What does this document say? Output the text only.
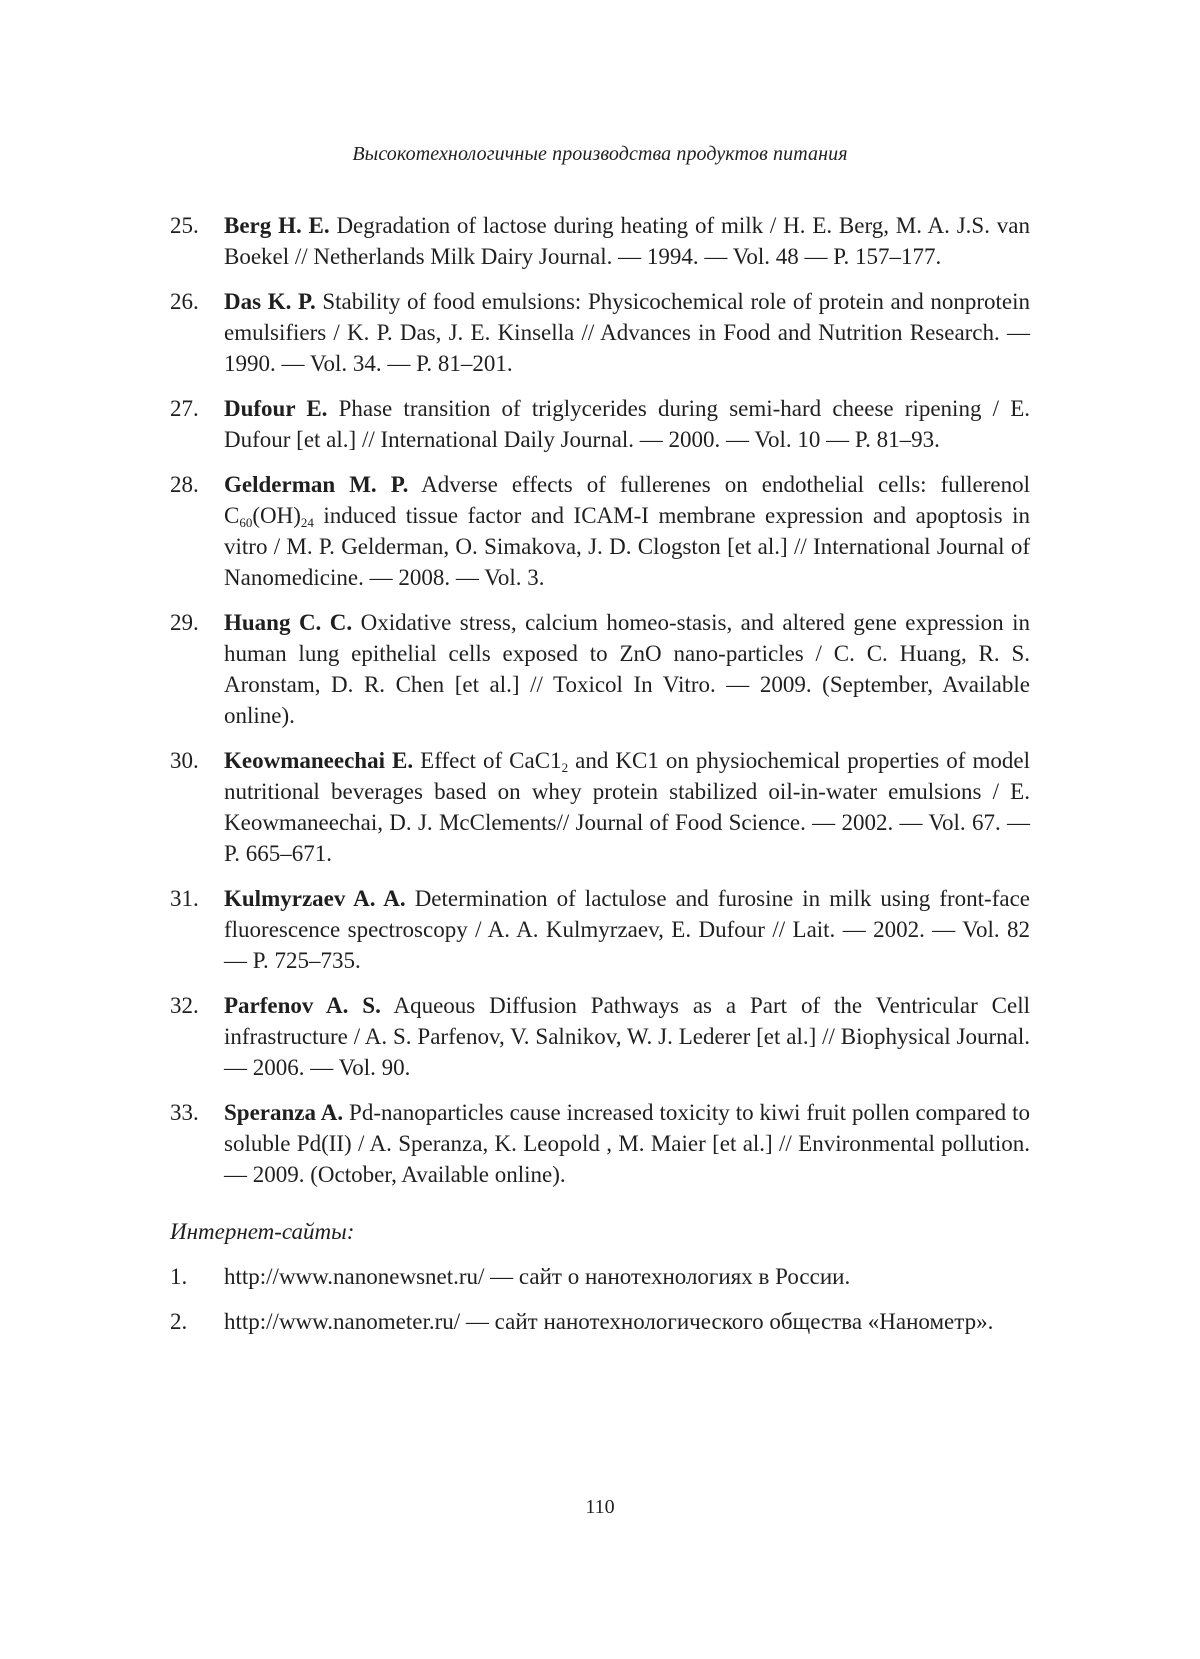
Высокотехнологичные производства продуктов питания
25. Berg H. E. Degradation of lactose during heating of milk / H. E. Berg, M. A. J.S. van Boekel // Netherlands Milk Dairy Journal. — 1994. — Vol. 48 — P. 157–177.
26. Das K. P. Stability of food emulsions: Physicochemical role of protein and nonprotein emulsifiers / K. P. Das, J. E. Kinsella // Advances in Food and Nutrition Research. — 1990. — Vol. 34. — P. 81–201.
27. Dufour E. Phase transition of triglycerides during semi-hard cheese ripening / E. Dufour [et al.] // International Daily Journal. — 2000. — Vol. 10 — P. 81–93.
28. Gelderman M. P. Adverse effects of fullerenes on endothelial cells: fullerenol $C_{60}(OH)_{24}$ induced tissue factor and ICAM-I membrane expression and apoptosis in vitro / M. P. Gelderman, O. Simakova, J. D. Clogston [et al.] // International Journal of Nanomedicine. — 2008. — Vol. 3.
29. Huang C. C. Oxidative stress, calcium homeo-stasis, and altered gene expression in human lung epithelial cells exposed to ZnO nano-particles / C. C. Huang, R. S. Aronstam, D. R. Chen [et al.] // Toxicol In Vitro. — 2009. (September, Available online).
30. Keowmaneechai E. Effect of $CaC1_2$ and KC1 on physiochemical properties of model nutritional beverages based on whey protein stabilized oil-in-water emulsions / E. Keowmaneechai, D. J. McClements// Journal of Food Science. — 2002. — Vol. 67. — P. 665–671.
31. Kulmyrzaev A. A. Determination of lactulose and furosine in milk using front-face fluorescence spectroscopy / A. A. Kulmyrzaev, E. Dufour // Lait. — 2002. — Vol. 82 — P. 725–735.
32. Parfenov A. S. Aqueous Diffusion Pathways as a Part of the Ventricular Cell infrastructure / A. S. Parfenov, V. Salnikov, W. J. Lederer [et al.] // Biophysical Journal. — 2006. — Vol. 90.
33. Speranza A. Pd-nanoparticles cause increased toxicity to kiwi fruit pollen compared to soluble Pd(II) / A. Speranza, K. Leopold , M. Maier [et al.] // Environmental pollution. — 2009. (October, Available online).
Интернет-сайты:
1. http://www.nanonewsnet.ru/ — сайт о нанотехнологиях в России.
2. http://www.nanometer.ru/ — сайт нанотехнологического общества «Нанометр».
110
